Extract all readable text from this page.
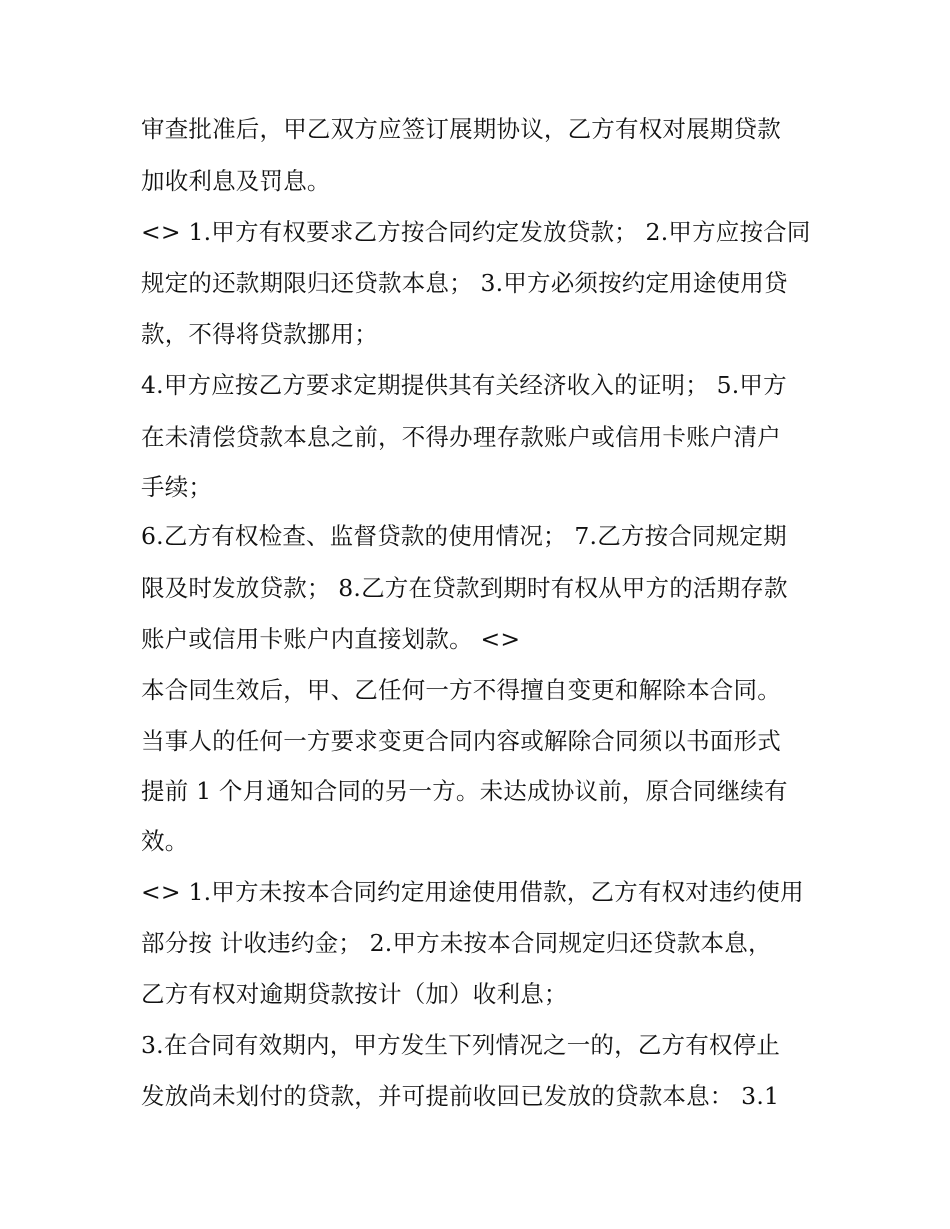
审查批准后，甲乙双方应签订展期协议，乙方有权对展期贷款
加收利息及罚息。
<> 1.甲方有权要求乙方按合同约定发放贷款； 2.甲方应按合同
规定的还款期限归还贷款本息； 3.甲方必须按约定用途使用贷
款，不得将贷款挪用；
4.甲方应按乙方要求定期提供其有关经济收入的证明； 5.甲方
在未清偿贷款本息之前，不得办理存款账户或信用卡账户清户
手续；
6.乙方有权检查、监督贷款的使用情况； 7.乙方按合同规定期
限及时发放贷款； 8.乙方在贷款到期时有权从甲方的活期存款
账户或信用卡账户内直接划款。 <>
本合同生效后，甲、乙任何一方不得擅自变更和解除本合同。
当事人的任何一方要求变更合同内容或解除合同须以书面形式
提前 1 个月通知合同的另一方。未达成协议前，原合同继续有
效。
<> 1.甲方未按本合同约定用途使用借款，乙方有权对违约使用
部分按 计收违约金； 2.甲方未按本合同规定归还贷款本息，
乙方有权对逾期贷款按计（加）收利息；
3.在合同有效期内，甲方发生下列情况之一的，乙方有权停止
发放尚未划付的贷款，并可提前收回已发放的贷款本息： 3.1
